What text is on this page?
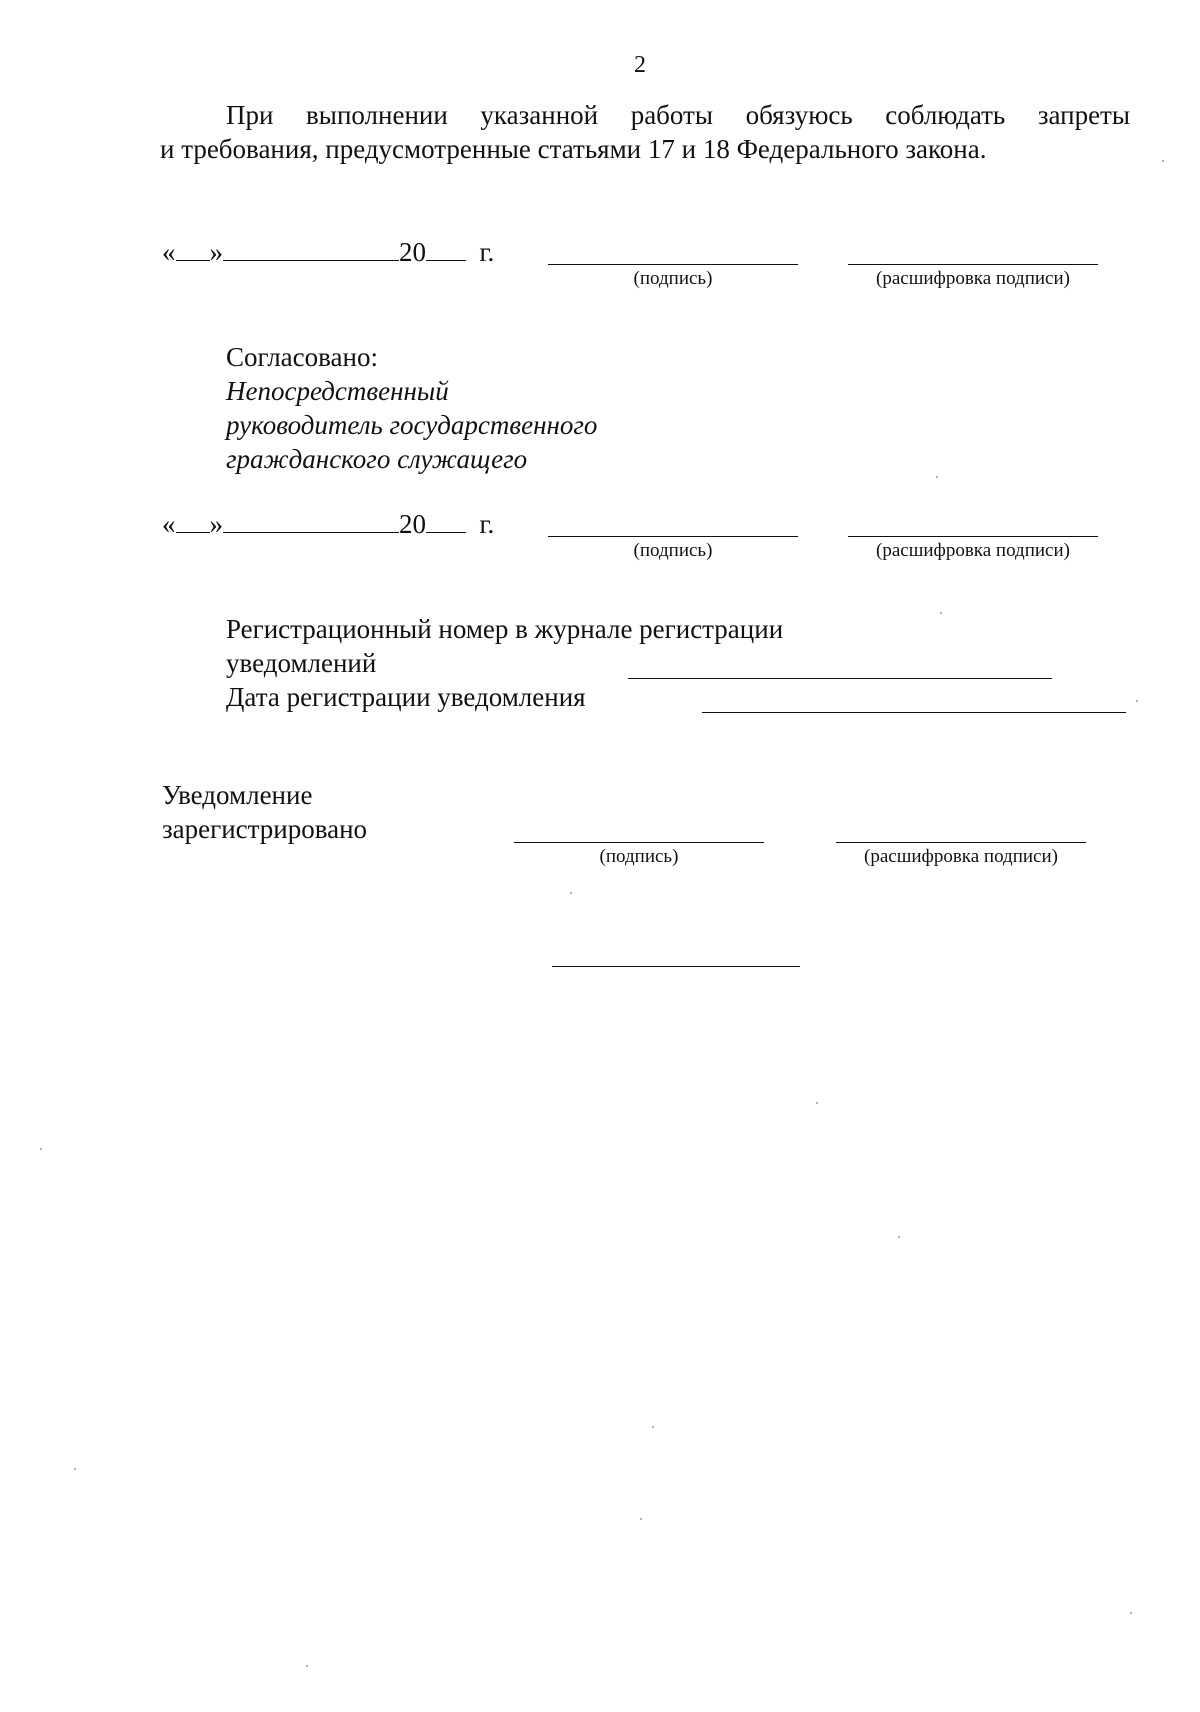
2
При выполнении указанной работы обязуюсь соблюдать запреты
и требования, предусмотренные статьями 17 и 18 Федерального закона.
« »	20 г.
(подпись)	(расшифровка подписи)
Согласовано:
Непосредственный
руководитель государственного
гражданского служащего
« »	20 г.
(подпись)	(расшифровка подписи)
Регистрационный номер в журнале регистрации
уведомлений
Дата регистрации уведомления
Уведомление
зарегистрировано
(подпись)	(расшифровка подписи)
